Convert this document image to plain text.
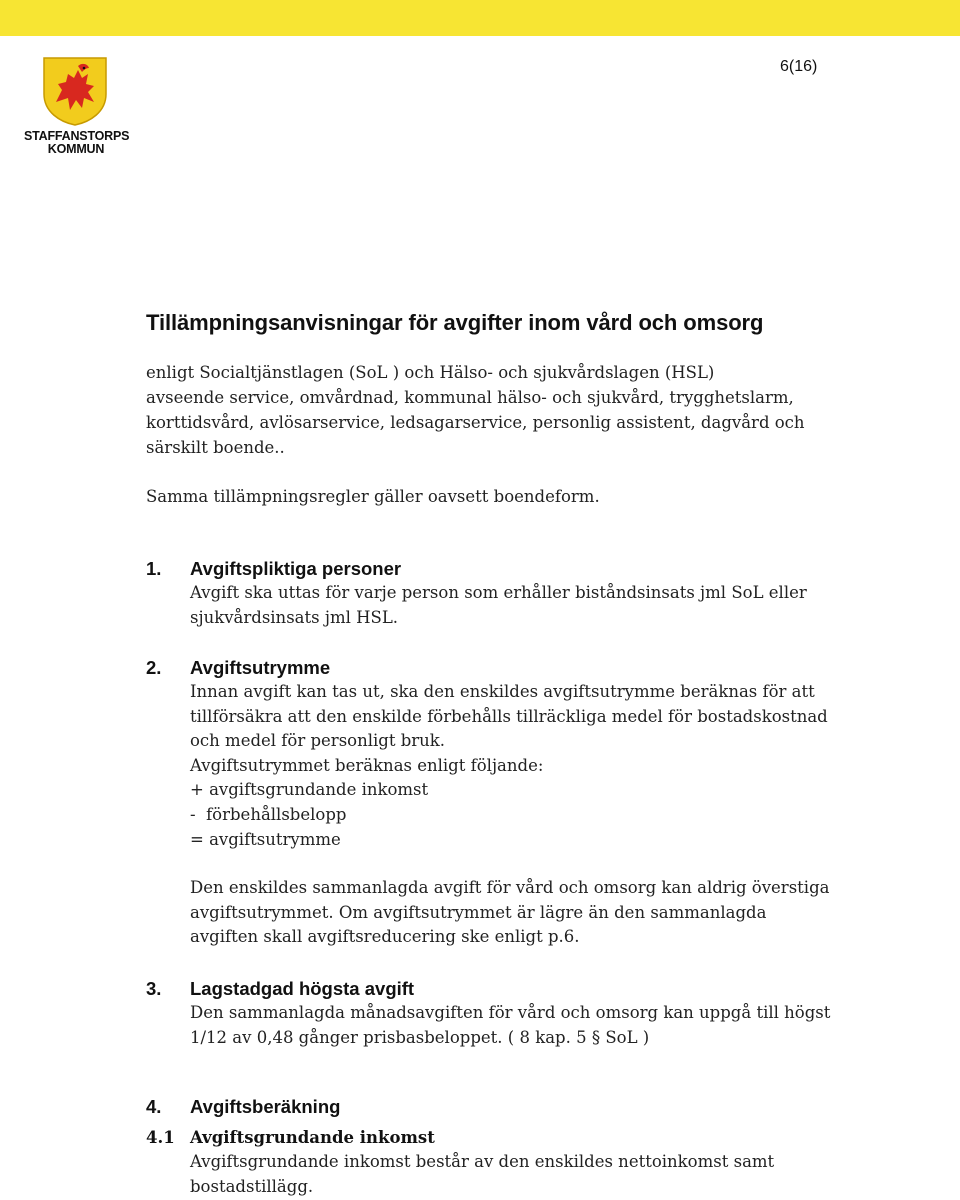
STAFFANSTORPS
KOMMUN
6(16)
Tillämpningsanvisningar för avgifter inom vård och omsorg

enligt Socialtjänstlagen (SoL ) och Hälso- och sjukvårdslagen (HSL)

avseende service, omvårdnad, kommunal hälso- och sjukvård, trygghetslarm,

korttidsvård, avlösarservice, ledsagarservice, personlig assistent, dagvård och

särskilt boende..

Samma tillämpningsregler gäller oavsett boendeform.

1. Avgiftspliktiga personer

Avgift ska uttas för varje person som erhåller biståndsinsats jml SoL eller

sjukvårdsinsats jml HSL.

2. Avgiftsutrymme

Innan avgift kan tas ut, ska den enskildes avgiftsutrymme beräknas för att

tillförsäkra att den enskilde förbehålls tillräckliga medel för bostadskostnad

och medel för personligt bruk.

Avgiftsutrymmet beräknas enligt följande:

+ avgiftsgrundande inkomst

-  förbehållsbelopp

= avgiftsutrymme

Den enskildes sammanlagda avgift för vård och omsorg kan aldrig överstiga

avgiftsutrymmet. Om avgiftsutrymmet är lägre än den sammanlagda

avgiften skall avgiftsreducering ske enligt p.6.

3. Lagstadgad högsta avgift

Den sammanlagda månadsavgiften för vård och omsorg kan uppgå till högst

1/12 av 0,48 gånger prisbasbeloppet. ( 8 kap. 5 § SoL )

4. Avgiftsberäkning
4.1 Avgiftsgrundande inkomst

Avgiftsgrundande inkomst består av den enskildes nettoinkomst samt

bostadstillägg.
